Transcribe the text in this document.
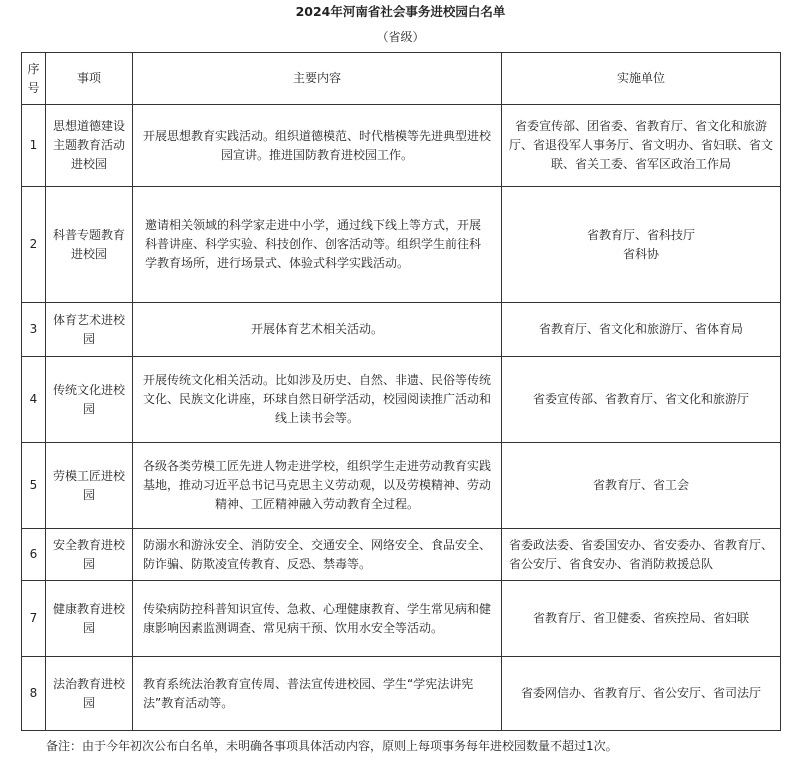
2024年河南省社会事务进校园白名单
（省级）
序号	事项	主要内容	实施单位
1	思想道德建设主题教育活动进校园	开展思想教育实践活动。组织道德模范、时代楷模等先进典型进校园宣讲。推进国防教育进校园工作。	省委宣传部、团省委、省教育厅、省文化和旅游厅、省退役军人事务厅、省文明办、省妇联、省文联、省关工委、省军区政治工作局
2	科普专题教育进校园	邀请相关领域的科学家走进中小学，通过线下线上等方式，开展科普讲座、科学实验、科技创作、创客活动等。组织学生前往科学教育场所，进行场景式、体验式科学实践活动。	省教育厅、省科技厅 省科协
3	体育艺术进校园	开展体育艺术相关活动。	省教育厅、省文化和旅游厅、省体育局
4	传统文化进校园	开展传统文化相关活动。比如涉及历史、自然、非遗、民俗等传统文化、民族文化讲座，环球自然日研学活动，校园阅读推广活动和线上读书会等。	省委宣传部、省教育厅、省文化和旅游厅
5	劳模工匠进校园	各级各类劳模工匠先进人物走进学校，组织学生走进劳动教育实践基地，推动习近平总书记马克思主义劳动观，以及劳模精神、劳动精神、工匠精神融入劳动教育全过程。	省教育厅、省工会
6	安全教育进校园	防溺水和游泳安全、消防安全、交通安全、网络安全、食品安全、防诈骗、防欺凌宣传教育、反恐、禁毒等。	省委政法委、省委国安办、省安委办、省教育厅、省公安厅、省食安办、省消防救援总队
7	健康教育进校园	传染病防控科普知识宣传、急救、心理健康教育、学生常见病和健康影响因素监测调查、常见病干预、饮用水安全等活动。	省教育厅、省卫健委、省疾控局、省妇联
8	法治教育进校园	教育系统法治教育宣传周、普法宣传进校园、学生“学宪法讲宪法”教育活动等。	省委网信办、省教育厅、省公安厅、省司法厅
备注：由于今年初次公布白名单，未明确各事项具体活动内容，原则上每项事务每年进校园数量不超过1次。
